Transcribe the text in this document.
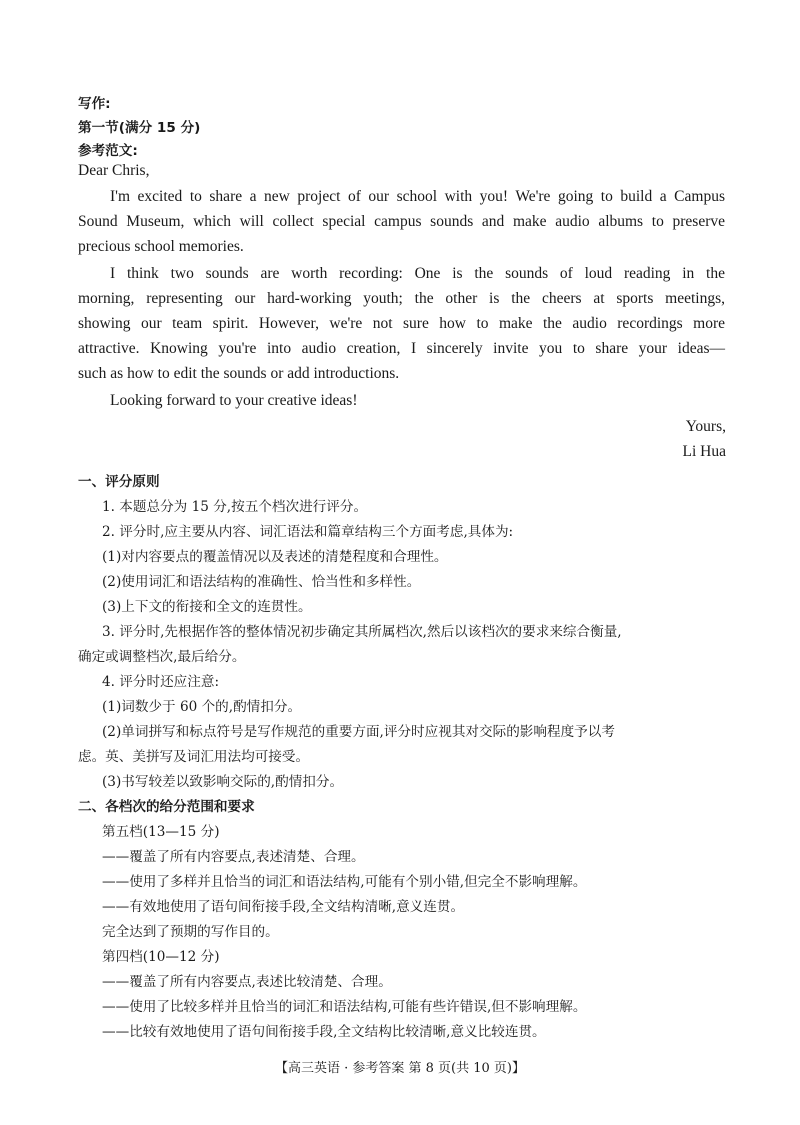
写作:
第一节(满分 15 分)
参考范文:
Dear Chris,
I'm excited to share a new project of our school with you! We're going to build a Campus
Sound Museum, which will collect special campus sounds and make audio albums to preserve
precious school memories.
I think two sounds are worth recording: One is the sounds of loud reading in the
morning, representing our hard-working youth; the other is the cheers at sports meetings,
showing our team spirit. However, we're not sure how to make the audio recordings more
attractive. Knowing you're into audio creation, I sincerely invite you to share your ideas—
such as how to edit the sounds or add introductions.
Looking forward to your creative ideas!
Yours,
Li Hua
一、评分原则
1. 本题总分为 15 分,按五个档次进行评分。
2. 评分时,应主要从内容、词汇语法和篇章结构三个方面考虑,具体为:
(1)对内容要点的覆盖情况以及表述的清楚程度和合理性。
(2)使用词汇和语法结构的准确性、恰当性和多样性。
(3)上下文的衔接和全文的连贯性。
3. 评分时,先根据作答的整体情况初步确定其所属档次,然后以该档次的要求来综合衡量,
确定或调整档次,最后给分。
4. 评分时还应注意:
(1)词数少于 60 个的,酌情扣分。
(2)单词拼写和标点符号是写作规范的重要方面,评分时应视其对交际的影响程度予以考
虑。英、美拼写及词汇用法均可接受。
(3)书写较差以致影响交际的,酌情扣分。
二、各档次的给分范围和要求
第五档(13—15 分)
——覆盖了所有内容要点,表述清楚、合理。
——使用了多样并且恰当的词汇和语法结构,可能有个别小错,但完全不影响理解。
——有效地使用了语句间衔接手段,全文结构清晰,意义连贯。
完全达到了预期的写作目的。
第四档(10—12 分)
——覆盖了所有内容要点,表述比较清楚、合理。
——使用了比较多样并且恰当的词汇和语法结构,可能有些许错误,但不影响理解。
——比较有效地使用了语句间衔接手段,全文结构比较清晰,意义比较连贯。
【高三英语 · 参考答案 第 8 页(共 10 页)】
